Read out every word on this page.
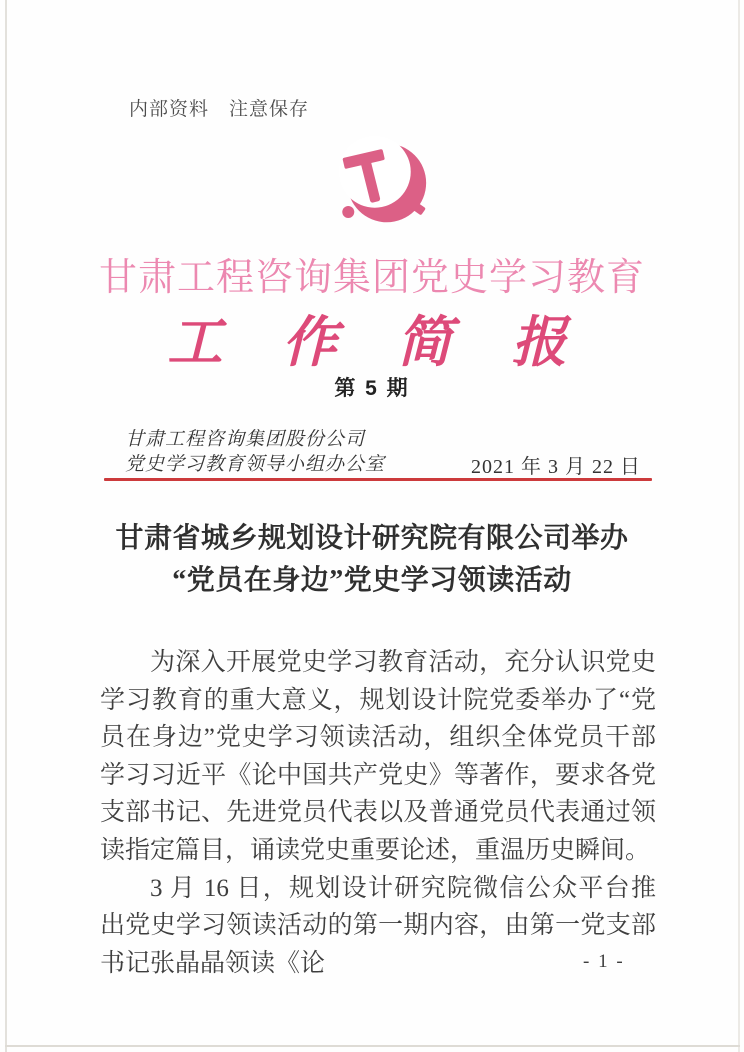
内部资料　注意保存
甘肃工程咨询集团党史学习教育
工 作 简 报
第 5 期
甘肃工程咨询集团股份公司
党史学习教育领导小组办公室	2021 年 3 月 22 日
甘肃省城乡规划设计研究院有限公司举办
“党员在身边”党史学习领读活动

为深入开展党史学习教育活动，充分认识党史学习教育的重大意义，规划设计院党委举办了“党员在身边”党史学习领读活动，组织全体党员干部学习习近平《论中国共产党史》等著作，要求各党支部书记、先进党员代表以及普通党员代表通过领读指定篇目，诵读党史重要论述，重温历史瞬间。

3 月 16 日，规划设计研究院微信公众平台推出党史学习领读活动的第一期内容，由第一党支部书记张晶晶领读《论	- 1 -
